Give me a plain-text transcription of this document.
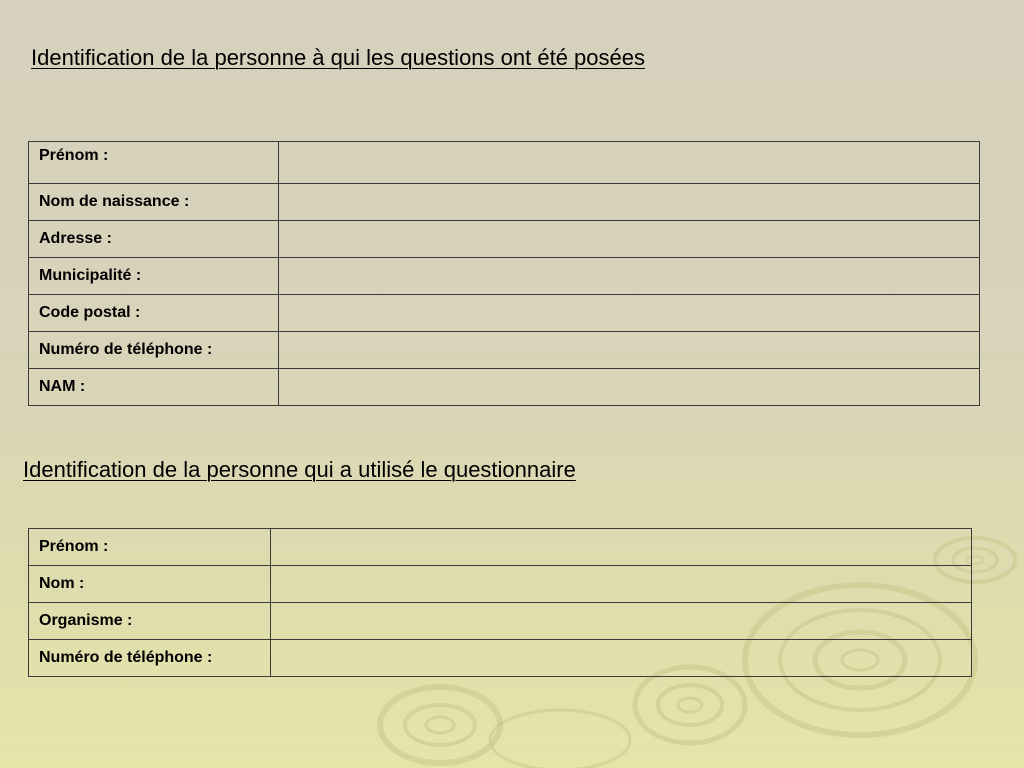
Identification de la personne à qui les questions ont été posées
Prénom :	
Nom de naissance :	
Adresse :	
Municipalité :	
Code postal :	
Numéro de téléphone :	
NAM :	
Identification de la personne qui a utilisé le questionnaire
Prénom :	
Nom :	
Organisme :	
Numéro de téléphone :	
